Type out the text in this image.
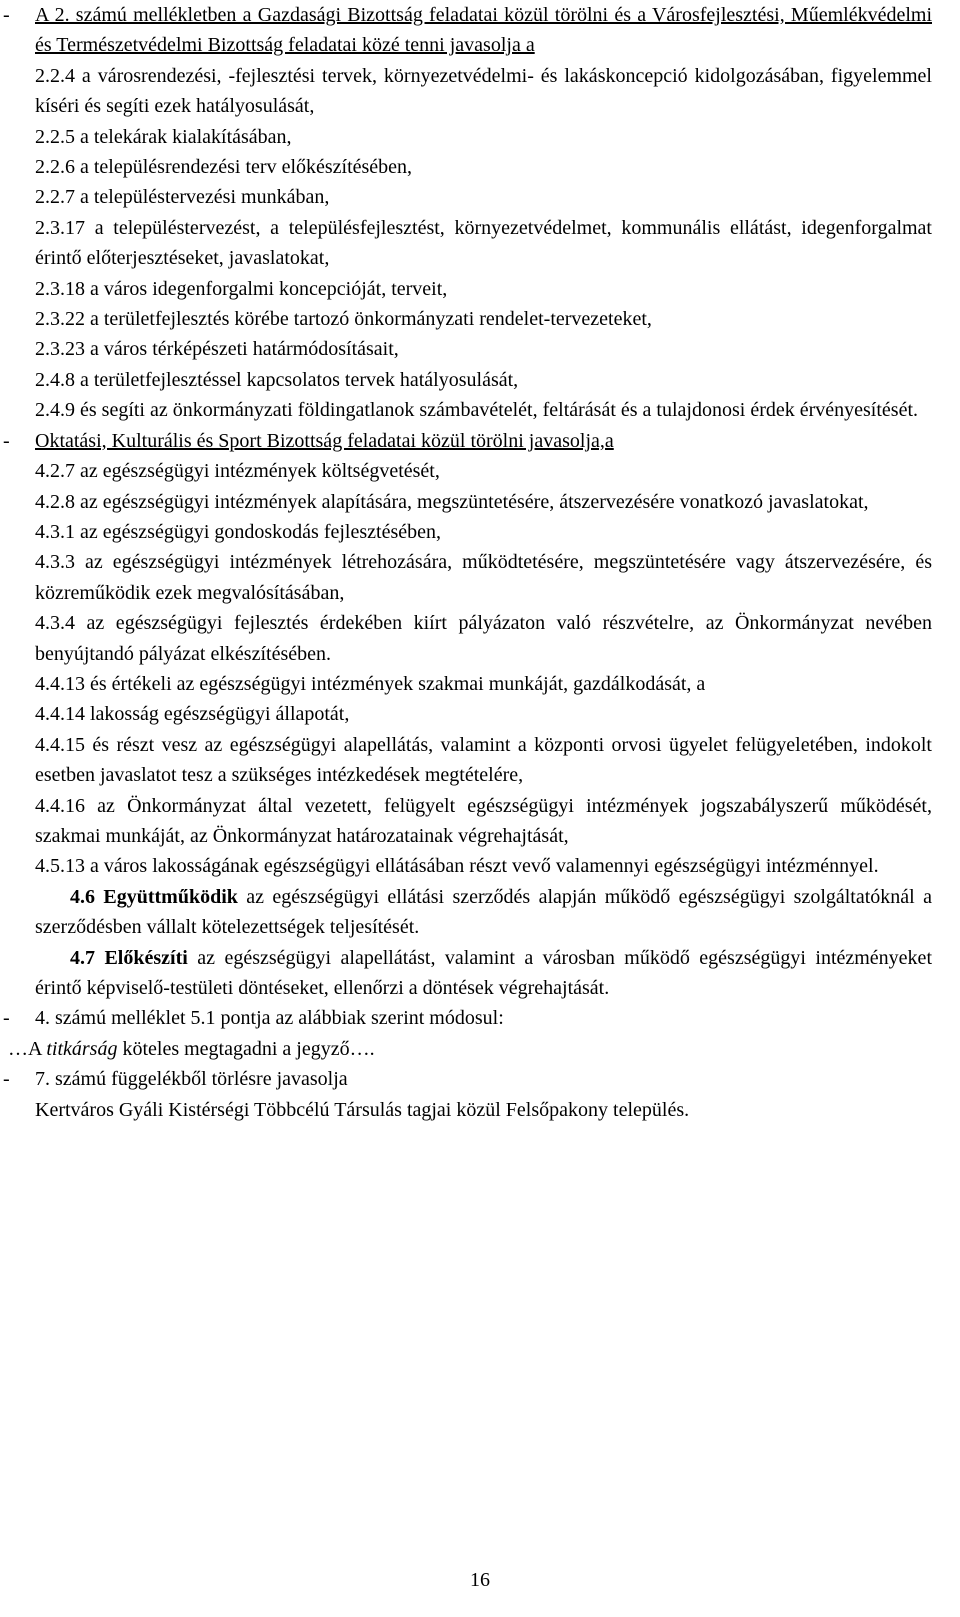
- A 2. számú mellékletben a Gazdasági Bizottság feladatai közül törölni és a Városfejlesztési, Műemlékvédelmi és Természetvédelmi Bizottság feladatai közé tenni javasolja a
2.2.4 a városrendezési, -fejlesztési tervek, környezetvédelmi- és lakáskoncepció kidolgozásában, figyelemmel kíséri és segíti ezek hatályosulását,
2.2.5 a telekárak kialakításában,
2.2.6 a településrendezési terv előkészítésében,
2.2.7 a településtervezési munkában,
2.3.17 a településtervezést, a településfejlesztést, környezetvédelmet, kommunális ellátást, idegenforgalmat érintő előterjesztéseket, javaslatokat,
2.3.18 a város idegenforgalmi koncepcióját, terveit,
2.3.22 a területfejlesztés körébe tartozó önkormányzati rendelet-tervezeteket,
2.3.23 a város térképészeti határmódosításait,
2.4.8 a területfejlesztéssel kapcsolatos tervek hatályosulását,
2.4.9 és segíti az önkormányzati földingatlanok számbavételét, feltárását és a tulajdonosi érdek érvényesítését.
- Oktatási, Kulturális és Sport Bizottság feladatai közül törölni javasolja,a
4.2.7 az egészségügyi intézmények költségvetését,
4.2.8 az egészségügyi intézmények alapítására, megszüntetésére, átszervezésére vonatkozó javaslatokat,
4.3.1 az egészségügyi gondoskodás fejlesztésében,
4.3.3 az egészségügyi intézmények létrehozására, működtetésére, megszüntetésére vagy átszervezésére, és közreműködik ezek megvalósításában,
4.3.4 az egészségügyi fejlesztés érdekében kiírt pályázaton való részvételre, az Önkormányzat nevében benyújtandó pályázat elkészítésében.
4.4.13 és értékeli az egészségügyi intézmények szakmai munkáját, gazdálkodását, a
4.4.14 lakosság egészségügyi állapotát,
4.4.15 és részt vesz az egészségügyi alapellátás, valamint a központi orvosi ügyelet felügyeletében, indokolt esetben javaslatot tesz a szükséges intézkedések megtételére,
4.4.16 az Önkormányzat által vezetett, felügyelt egészségügyi intézmények jogszabályszerű működését, szakmai munkáját, az Önkormányzat határozatainak végrehajtását,
4.5.13 a város lakosságának egészségügyi ellátásában részt vevő valamennyi egészségügyi intézménnyel.
4.6 Együttműködik az egészségügyi ellátási szerződés alapján működő egészségügyi szolgáltatóknál a szerződésben vállalt kötelezettségek teljesítését.
4.7 Előkészíti az egészségügyi alapellátást, valamint a városban működő egészségügyi intézményeket érintő képviselő-testületi döntéseket, ellenőrzi a döntések végrehajtását.
- 4. számú melléklet 5.1 pontja az alábbiak szerint módosul:
…A titkárság köteles megtagadni a jegyző….
- 7. számú függelékből törlésre javasolja
Kertváros Gyáli Kistérségi Többcélú Társulás tagjai közül Felsőpakony település.
16
